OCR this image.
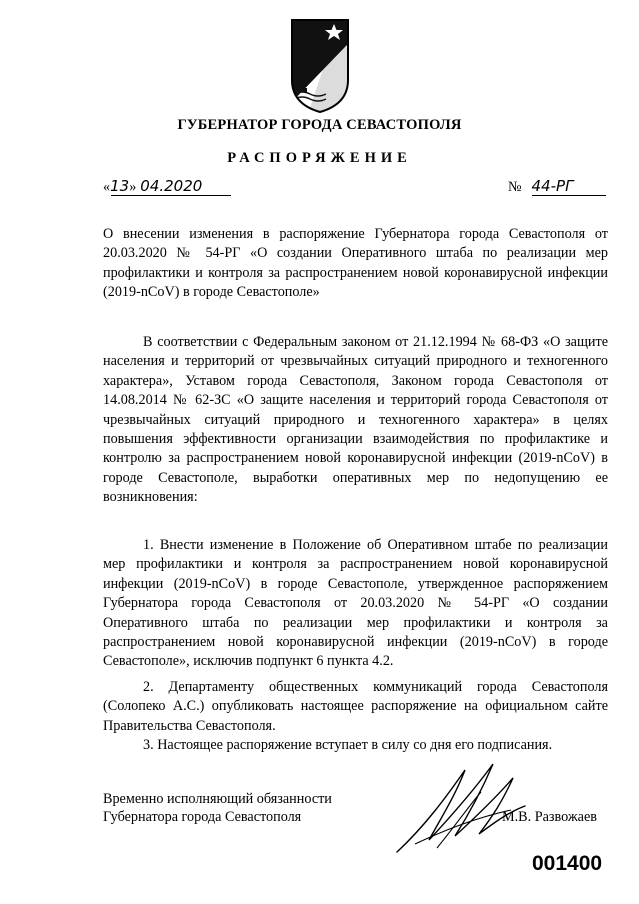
ГУБЕРНАТОР ГОРОДА СЕВАСТОПОЛЯ
РАСПОРЯЖЕНИЕ
«13» 04.2020	№ 44-РГ
О внесении изменения в распоряжение Губернатора города Севастополя от 20.03.2020 № 54-РГ «О создании Оперативного штаба по реализации мер профилактики и контроля за распространением новой коронавирусной инфекции (2019-nCoV) в городе Севастополе»
В соответствии с Федеральным законом от 21.12.1994 № 68-ФЗ «О защите населения и территорий от чрезвычайных ситуаций природного и техногенного характера», Уставом города Севастополя, Законом города Севастополя от 14.08.2014 № 62-ЗС «О защите населения и территорий города Севастополя от чрезвычайных ситуаций природного и техногенного характера» в целях повышения эффективности организации взаимодействия по профилактике и контролю за распространением новой коронавирусной инфекции (2019-nCoV) в городе Севастополе, выработки оперативных мер по недопущению ее возникновения:
1. Внести изменение в Положение об Оперативном штабе по реализации мер профилактики и контроля за распространением новой коронавирусной инфекции (2019-nCoV) в городе Севастополе, утвержденное распоряжением Губернатора города Севастополя от 20.03.2020 № 54-РГ «О создании Оперативного штаба по реализации мер профилактики и контроля за распространением новой коронавирусной инфекции (2019-nCoV) в городе Севастополе», исключив подпункт 6 пункта 4.2.
2. Департаменту общественных коммуникаций города Севастополя (Солопеко А.С.) опубликовать настоящее распоряжение на официальном сайте Правительства Севастополя.
3. Настоящее распоряжение вступает в силу со дня его подписания.
Временно исполняющий обязанности
Губернатора города Севастополя	М.В. Развожаев
001400
